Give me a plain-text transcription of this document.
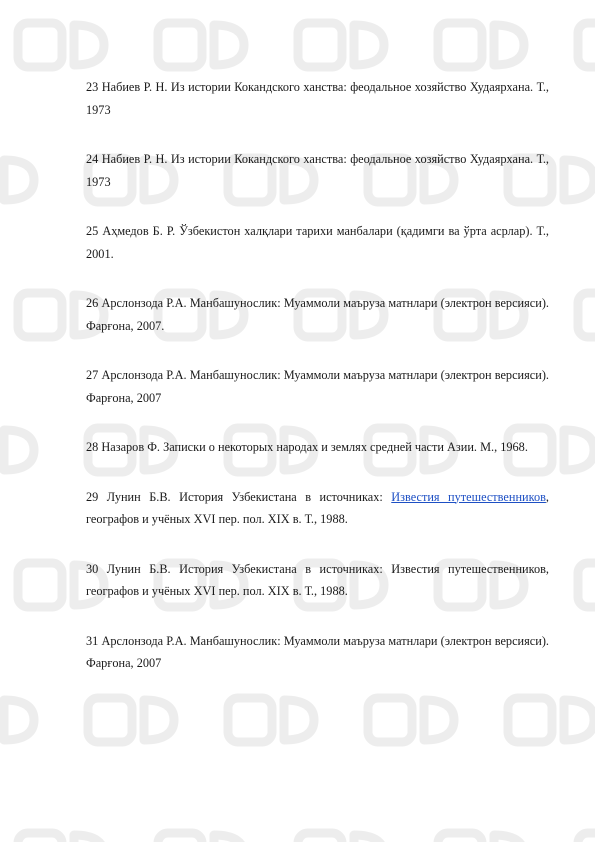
23 Набиев Р. Н. Из истории Кокандского ханства: феодальное хозяйство Худаярхана. Т., 1973

24 Набиев Р. Н. Из истории Кокандского ханства: феодальное хозяйство Худаярхана. Т., 1973

25 Аҳмедов Б. Р. Ўзбекистон халқлари тарихи манбалари (қадимги ва ўрта асрлар). Т., 2001.

26 Арслонзода Р.А. Манбашунослик: Муаммоли маъруза матнлари (электрон версияси). Фарғона, 2007.

27 Арслонзода Р.А. Манбашунослик: Муаммоли маъруза матнлари (электрон версияси). Фарғона, 2007

28 Назаров Ф. Записки о некоторых народах и землях средней части Азии. М., 1968.

29 Лунин Б.В. История Узбекистана в источниках: Известия путешественников, географов и учёных XVI пер. пол. XIX в. Т., 1988.

30 Лунин Б.В. История Узбекистана в источниках: Известия путешественников, географов и учёных XVI пер. пол. XIX в. Т., 1988.

31 Арслонзода Р.А. Манбашунослик: Муаммоли маъруза матнлари (электрон версияси). Фарғона, 2007
